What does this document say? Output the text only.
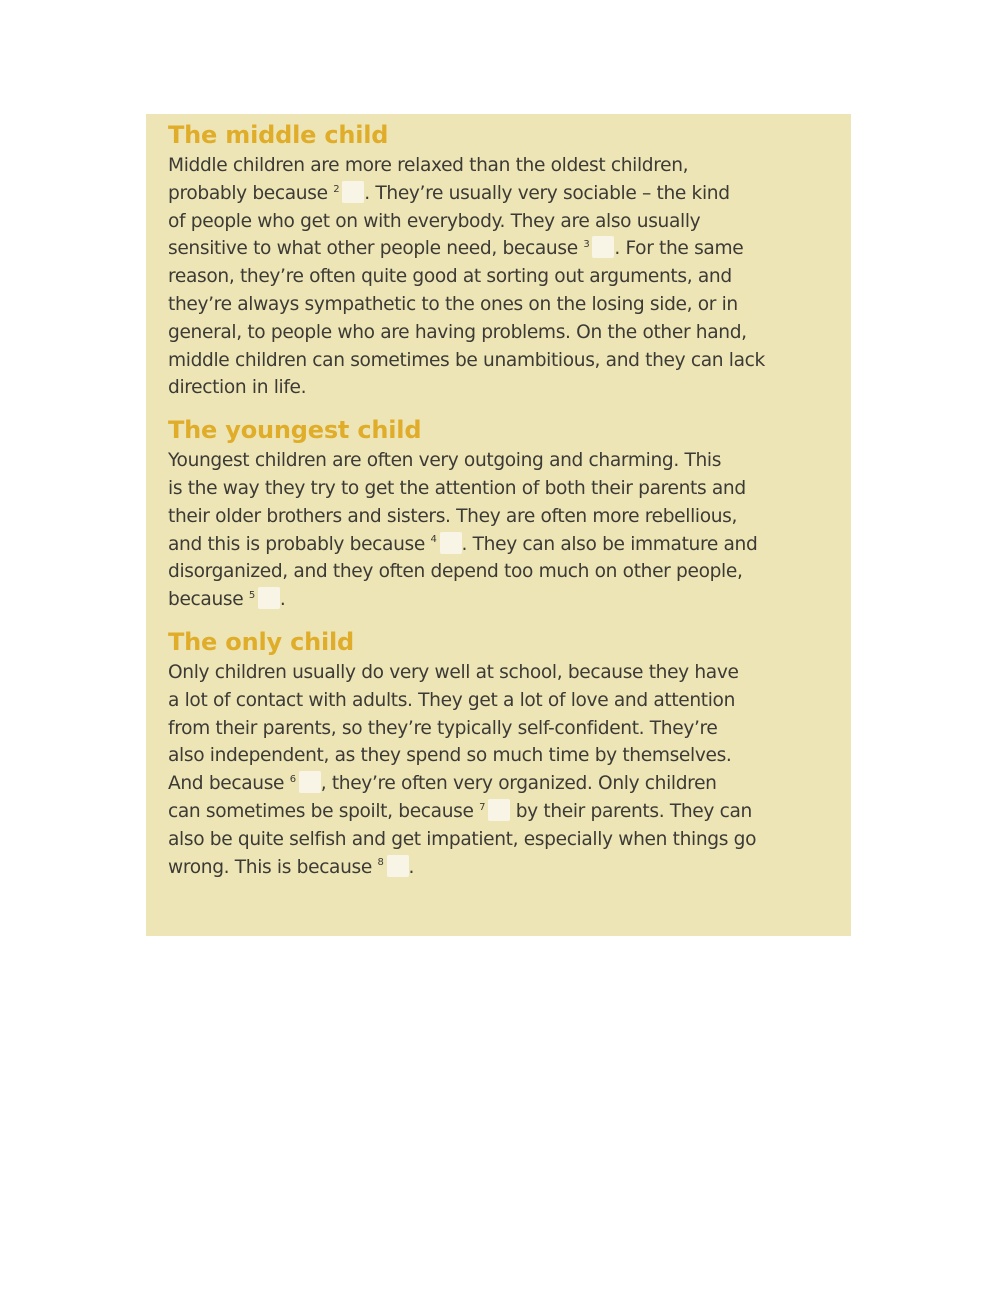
The middle child

Middle children are more relaxed than the oldest children,
probably because $^2$ . They’re usually very sociable – the kind
of people who get on with everybody. They are also usually
sensitive to what other people need, because $^3$ . For the same
reason, they’re often quite good at sorting out arguments, and
they’re always sympathetic to the ones on the losing side, or in
general, to people who are having problems. On the other hand,
middle children can sometimes be unambitious, and they can lack
direction in life.

The youngest child

Youngest children are often very outgoing and charming. This
is the way they try to get the attention of both their parents and
their older brothers and sisters. They are often more rebellious,
and this is probably because $^4$ . They can also be immature and
disorganized, and they often depend too much on other people,
because $^5$ .

The only child

Only children usually do very well at school, because they have
a lot of contact with adults. They get a lot of love and attention
from their parents, so they’re typically self-confident. They’re
also independent, as they spend so much time by themselves.
And because $^6$ , they’re often very organized. Only children
can sometimes be spoilt, because $^7$ by their parents. They can
also be quite selfish and get impatient, especially when things go
wrong. This is because $^8$ .
